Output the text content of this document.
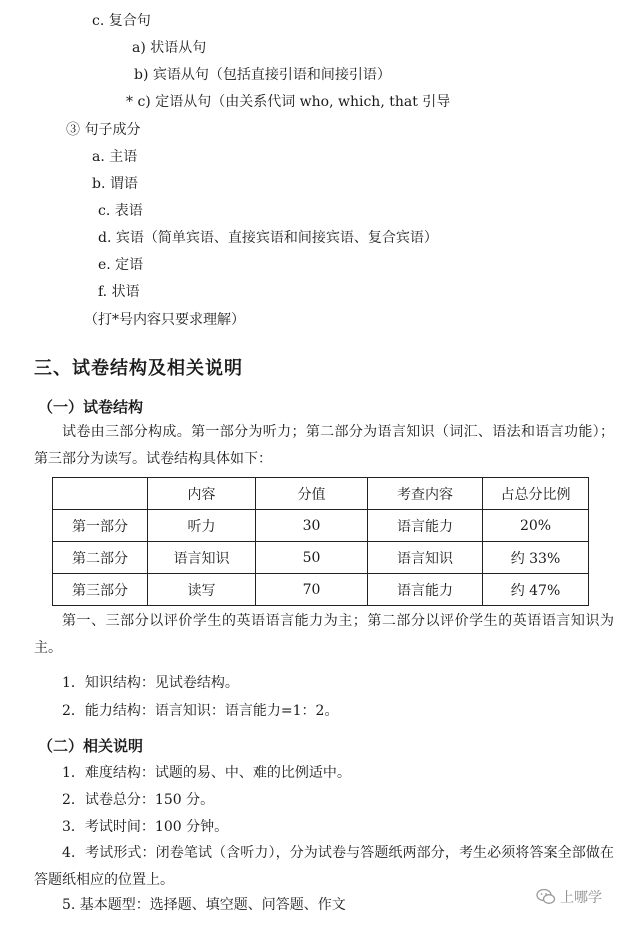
c. 复合句
a) 状语从句
b) 宾语从句（包括直接引语和间接引语）
* c) 定语从句（由关系代词 who, which, that 引导
③ 句子成分
a. 主语
b. 谓语
c. 表语
d. 宾语（简单宾语、直接宾语和间接宾语、复合宾语）
e. 定语
f. 状语
（打*号内容只要求理解）
三、试卷结构及相关说明
（一）试卷结构
试卷由三部分构成。第一部分为听力；第二部分为语言知识（词汇、语法和语言功能）；第三部分为读写。试卷结构具体如下：
	内容	分值	考查内容	占总分比例
第一部分	听力	30	语言能力	20%
第二部分	语言知识	50	语言知识	约 33%
第三部分	读写	70	语言能力	约 47%
第一、三部分以评价学生的英语语言能力为主；第二部分以评价学生的英语语言知识为主。
1．知识结构：见试卷结构。
2．能力结构：语言知识：语言能力=1：2。
（二）相关说明
1．难度结构：试题的易、中、难的比例适中。
2．试卷总分：150 分。
3．考试时间：100 分钟。
4．考试形式：闭卷笔试（含听力），分为试卷与答题纸两部分，考生必须将答案全部做在答题纸相应的位置上。
5. 基本题型：选择题、填空题、问答题、作文	上哪学
